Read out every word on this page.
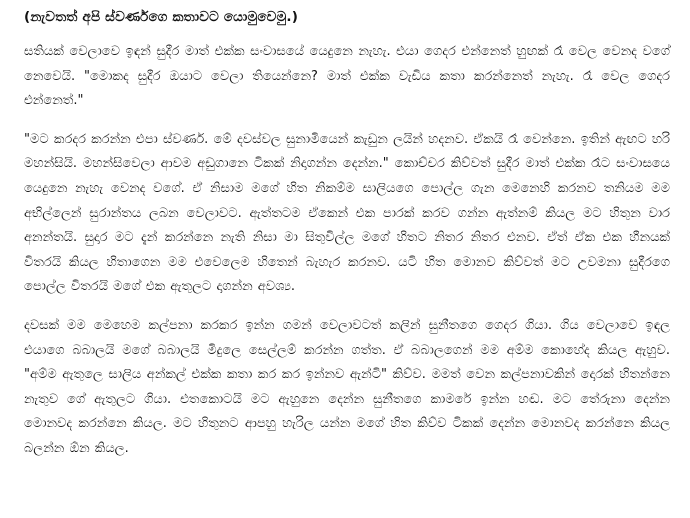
(නැවතත් අපි ස්වර්ණගෙ කතාවට යොමුවෙමු.)

සතියක් වෙලාවෙ ඉඳන් සුදීර මාත් එක්ක සංවාසයේ යෙදුනෙ නැහැ. එයා ගෙදර එන්නෙත් හුඟක් රෑ වෙල වෙනද වගේ නෙවෙයි. "මොකද සුදීර ඔයාට වෙලා තියෙන්නෙ? මාත් එක්ක වැඩිය කතා කරන්නෙත් නැහැ. රෑ වෙල ගෙදර එන්නෙත්."

"මට කරදර කරන්න එපා ස්වර්ණ. මේ දවස්වල සුනාමියෙන් කැඩුන ලයින් හදනව. ඒකයි රෑ වෙන්නෙ. ඉතින් ඇඟට හරි මහන්සියි. මහන්සිවෙලා ආවම අඩුගානෙ ටිකක් නිදාගන්න දෙන්න." කොච්චර කිව්වත් සුදීර මාත් එක්ක රෑට සංවාසයෙ යෙදුනෙ නැහැ වෙනද වගේ. ඒ නිසාම මගේ හිත නිකම්ම සාලියගෙ පොල්ල ගැන මෙනෙහි කරනව තනියම මම අභිල්ලෙන් සුරාන්තය ලබන වෙලාවට. ඇත්තටම ඒකෙන් එක පාරක් කරව ගන්න ඇත්නම් කියල මට හිතුන වාර අනන්තයි. සුදාර මට දැන් කරන්නෙ නැති නිසා මා සිතුවිල්ල මගේ හිතට නිතර නිතර එනව. ඒත් ඒක එක හීනයක් විතරයි කියල හිතාගෙන මම එවෙලෙම හිතෙන් බැහැර කරනව. යටි හිත මොනව කිව්වත් මට උවමනා සුදීරගෙ පොල්ල විතරයි මගේ එක ඇතුලට දාගන්න අවශ්‍ය.

දවසක් මම මෙහෙම කල්පනා කරකර ඉන්න ගමන් වෙලාවටත් කලින් සුනීතගෙ ගෙදර ගියා. ගිය වෙලාවෙ ඉඳල එයාගෙ බබාලයි මගේ බබාලයි මිදුලෙ සෙල්ලම් කරන්න ගත්ත. ඒ බබාලගෙන් මම අම්ම කොහේද කියල ඇහුව. "අම්ම ඇතුලෙ සාලිය අන්කල් එක්ක කතා කර කර ඉන්නව ඇන්ටි" කිව්ව. මමත් වෙන කල්පනාවකින් දොරක් හිතන්නෙ නැතුව ගේ ඇතුලට ගියා. එතකොටයි මට ඇහුනෙ දෙන්න සුනීතගෙ කාමරේ ඉන්න හඬ. මට තේරුනා දෙන්න මොනවද කරන්නෙ කියල. මට හිතුනට ආපහු හැරිල යන්න මගේ හිත කිව්ව ටිකක් දෙන්න මොනවද කරන්නෙ කියල බලන්න ඕන කියල.
